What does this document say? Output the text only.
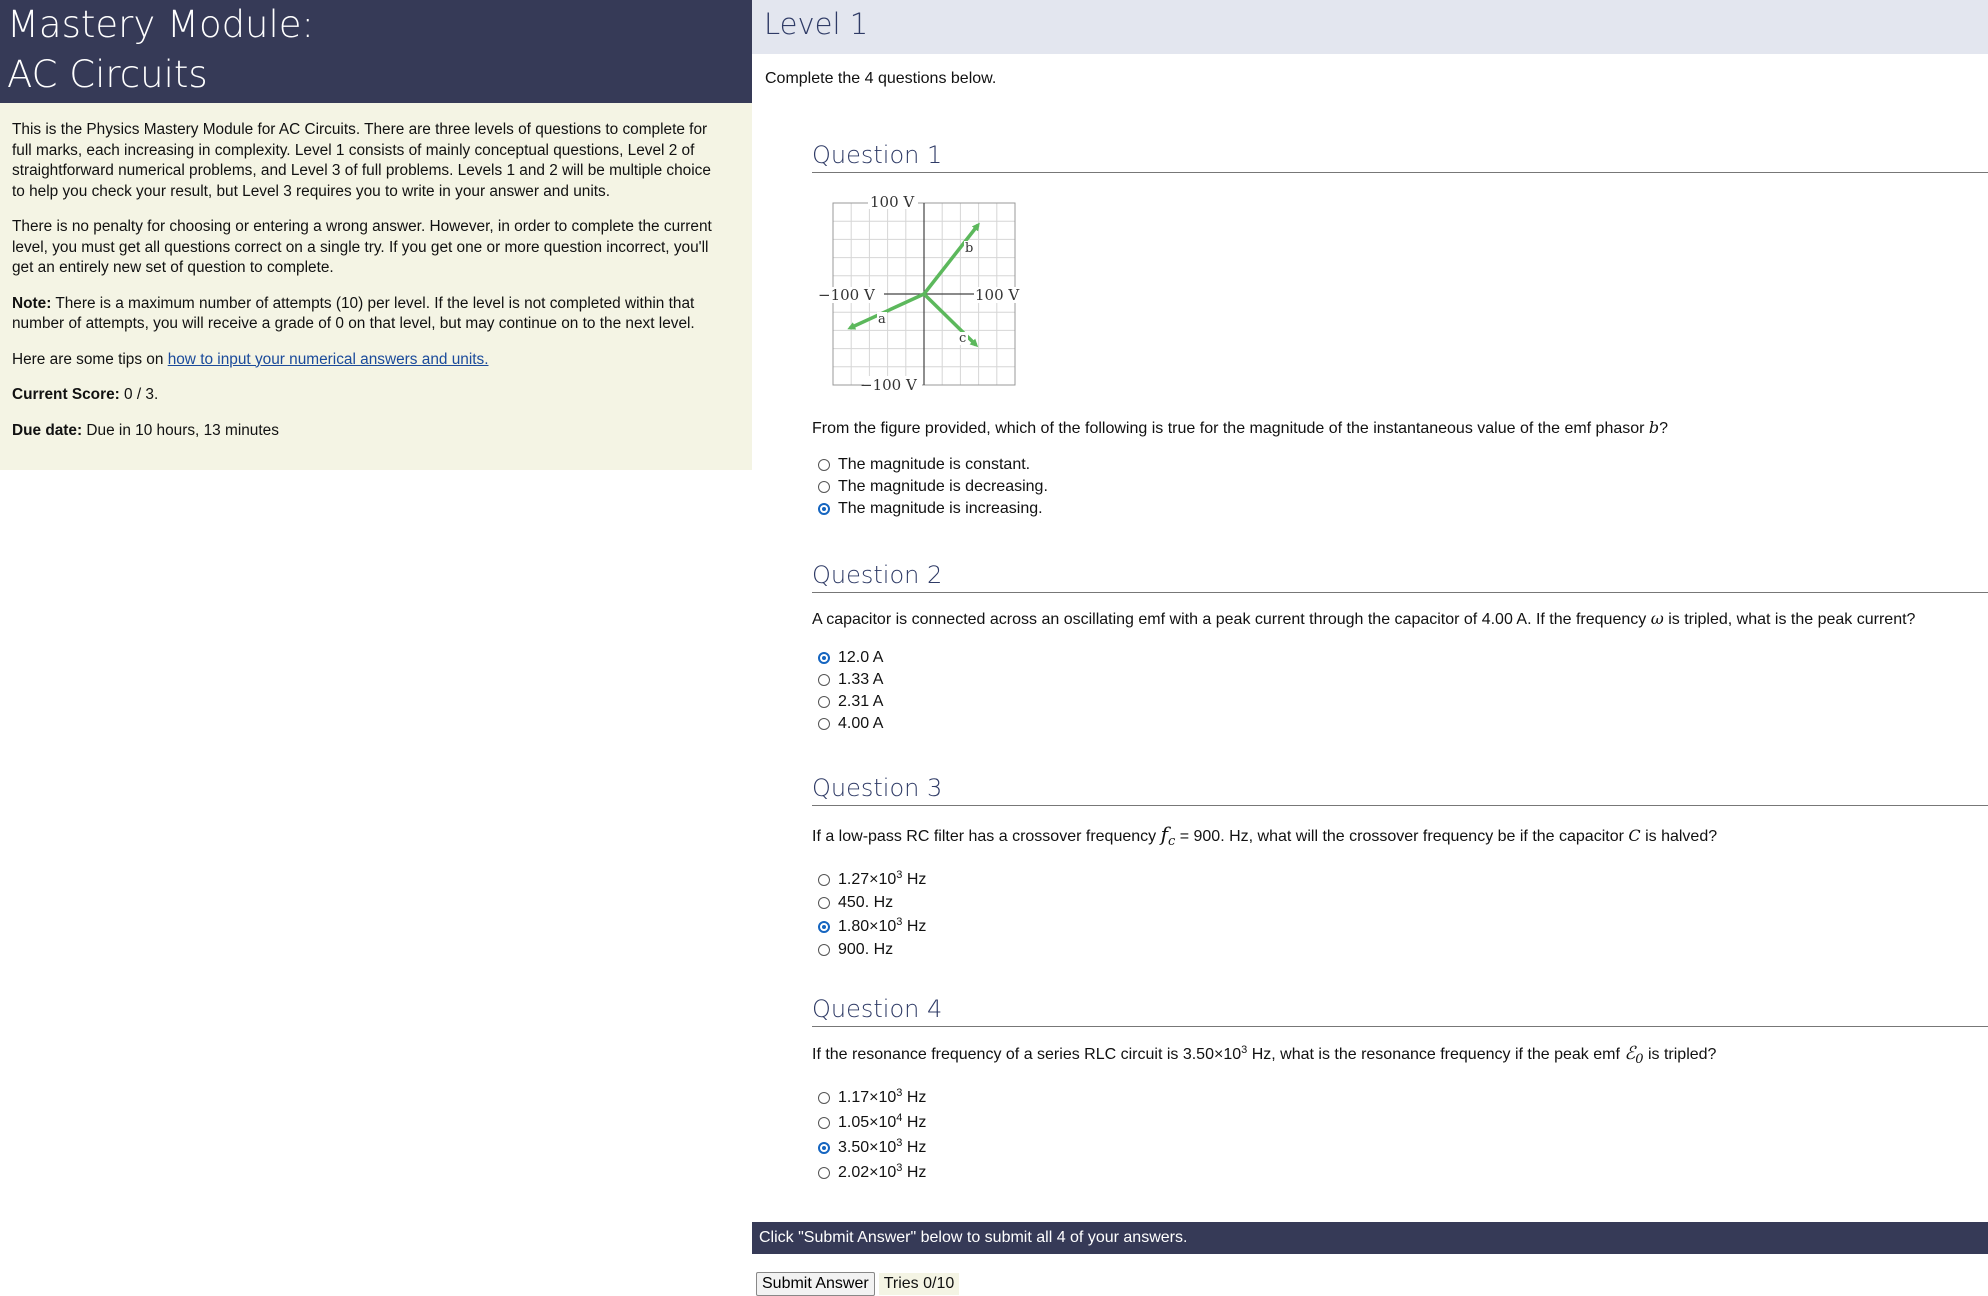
Mastery Module:
AC Circuits

This is the Physics Mastery Module for AC Circuits. There are three levels of questions to complete for full marks, each increasing in complexity. Level 1 consists of mainly conceptual questions, Level 2 of straightforward numerical problems, and Level 3 of full problems. Levels 1 and 2 will be multiple choice to help you check your result, but Level 3 requires you to write in your answer and units.

There is no penalty for choosing or entering a wrong answer. However, in order to complete the current level, you must get all questions correct on a single try. If you get one or more question incorrect, you'll get an entirely new set of question to complete.

Note: There is a maximum number of attempts (10) per level. If the level is not completed within that number of attempts, you will receive a grade of 0 on that level, but may continue on to the next level.

Here are some tips on how to input your numerical answers and units.

Current Score: 0 / 3.

Due date: Due in 10 hours, 13 minutes

Level 1
Complete the 4 questions below.
Question 1
100 V
−100 V	100 V
−100 V
a
b
c
From the figure provided, which of the following is true for the magnitude of the instantaneous value of the emf phasor b?
The magnitude is constant.
The magnitude is decreasing.
The magnitude is increasing.
Question 2
A capacitor is connected across an oscillating emf with a peak current through the capacitor of 4.00 A. If the frequency ω is tripled, what is the peak current?
12.0 A
1.33 A
2.31 A
4.00 A
Question 3
If a low-pass RC filter has a crossover frequency $f_c = 900$. Hz, what will the crossover frequency be if the capacitor C is halved?
$1.27\times 10^3$ Hz
450. Hz
$1.80\times 10^3$ Hz
900. Hz
Question 4
If the resonance frequency of a series RLC circuit is $3.50\times 10^3$ Hz, what is the resonance frequency if the peak emf ℰ$_0$ is tripled?
$1.17\times 10^3$ Hz
$1.05\times 10^4$ Hz
$3.50\times 10^3$ Hz
$2.02\times 10^3$ Hz
Click "Submit Answer" below to submit all 4 of your answers.
Submit Answer Tries 0/10
